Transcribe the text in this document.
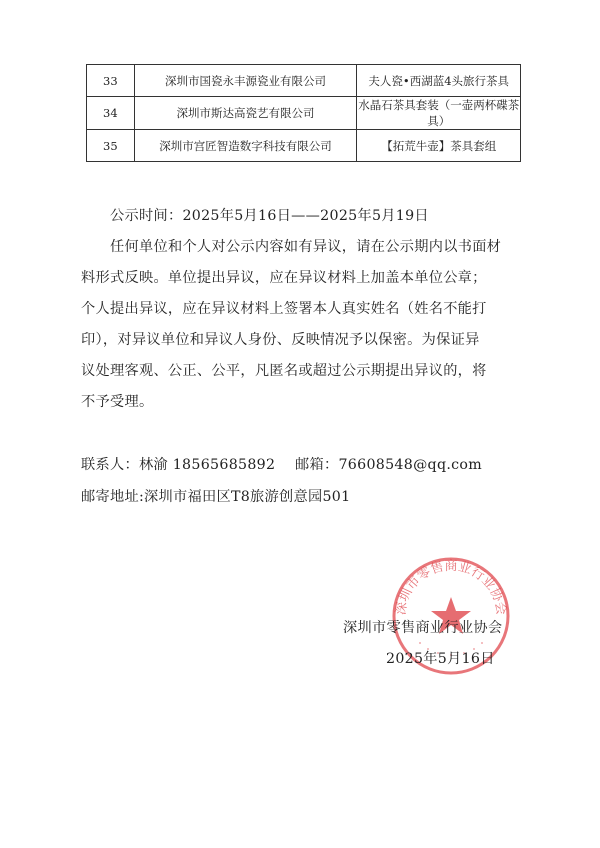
33	深圳市国瓷永丰源瓷业有限公司	夫人瓷•西湖蓝4头旅行茶具
34	深圳市斯达高瓷艺有限公司	水晶石茶具套装（一壶两杯碟茶具）
35	深圳市宫匠智造数字科技有限公司	【拓荒牛壶】茶具套组
公示时间：2025年5月16日——2025年5月19日
任何单位和个人对公示内容如有异议，请在公示期内以书面材
料形式反映。单位提出异议，应在异议材料上加盖本单位公章；
个人提出异议，应在异议材料上签署本人真实姓名（姓名不能打
印），对异议单位和异议人身份、反映情况予以保密。为保证异
议处理客观、公正、公平，凡匿名或超过公示期提出异议的，将
不予受理。
联系人：林渝 18565685892 邮箱：76608548@qq.com
邮寄地址:深圳市福田区T8旅游创意园501
深圳市零售商业行业协会
深圳市零售商业行业协会
2025年5月16日
